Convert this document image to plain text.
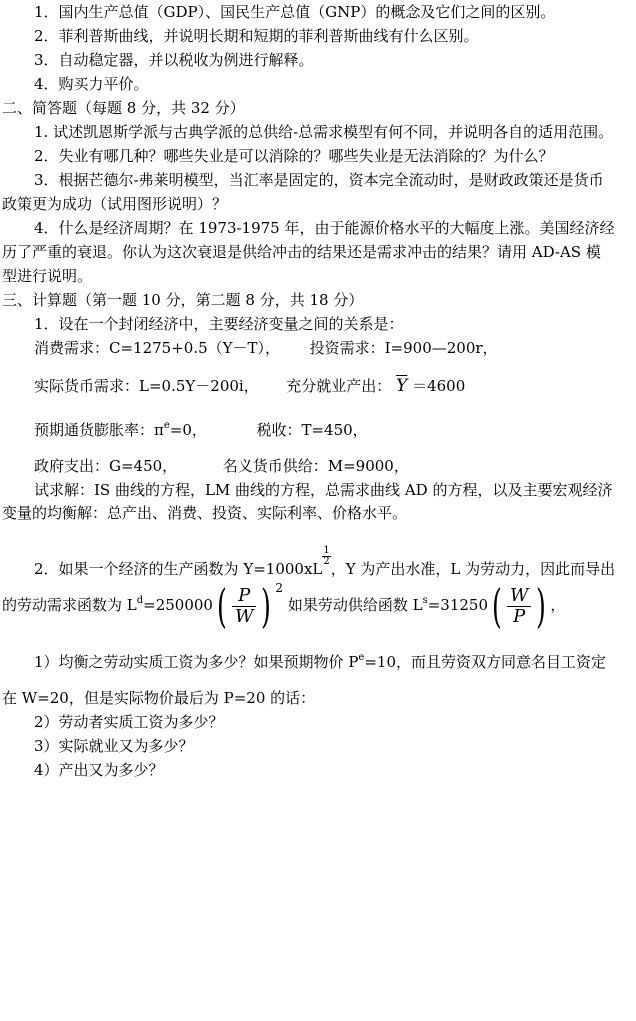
1．国内生产总值（GDP）、国民生产总值（GNP）的概念及它们之间的区别。
2．菲利普斯曲线，并说明长期和短期的菲利普斯曲线有什么区别。
3．自动稳定器，并以税收为例进行解释。
4．购买力平价。
二、简答题（每题 8 分，共 32 分）
1. 试述凯恩斯学派与古典学派的总供给-总需求模型有何不同，并说明各自的适用范围。
2．失业有哪几种？哪些失业是可以消除的？哪些失业是无法消除的？为什么？
3．根据芒德尔-弗莱明模型，当汇率是固定的，资本完全流动时，是财政政策还是货币
政策更为成功（试用图形说明）？
4．什么是经济周期？在 1973-1975 年，由于能源价格水平的大幅度上涨。美国经济经
历了严重的衰退。你认为这次衰退是供给冲击的结果还是需求冲击的结果？请用 AD-AS 模
型进行说明。
三、计算题（第一题 10 分，第二题 8 分，共 18 分）
1．设在一个封闭经济中，主要经济变量之间的关系是：
消费需求：C=1275+0.5（Y－T）， 投资需求：I=900—200r，
实际货币需求：L=0.5Y－200i， 充分就业产出： $\overline{Y} =4600$
预期通货膨胀率：$\pi^e=0$，	税收：T=450，
政府支出：G=450，	名义货币供给：M=9000，
试求解：IS 曲线的方程，LM 曲线的方程，总需求曲线 AD 的方程，以及主要宏观经济
变量的均衡解：总产出、消费、投资、实际利率、价格水平。
2．如果一个经济的生产函数为 Y=1000xL
$\frac{1}{2}$
，Y 为产出水准，L 为劳动力，因此而导出
的劳动需求函数为 $L^d=250000( \frac{P}{W}$ ) $^2$ 如果劳动供给函数 $L^s=31250( \frac{W}{P}$ ) ，
1）均衡之劳动实质工资为多少？如果预期物价 $P^e=10$，而且劳资双方同意名目工资定
在 W=20，但是实际物价最后为 P=20 的话：
2）劳动者实质工资为多少？
3）实际就业又为多少？
4）产出又为多少？
